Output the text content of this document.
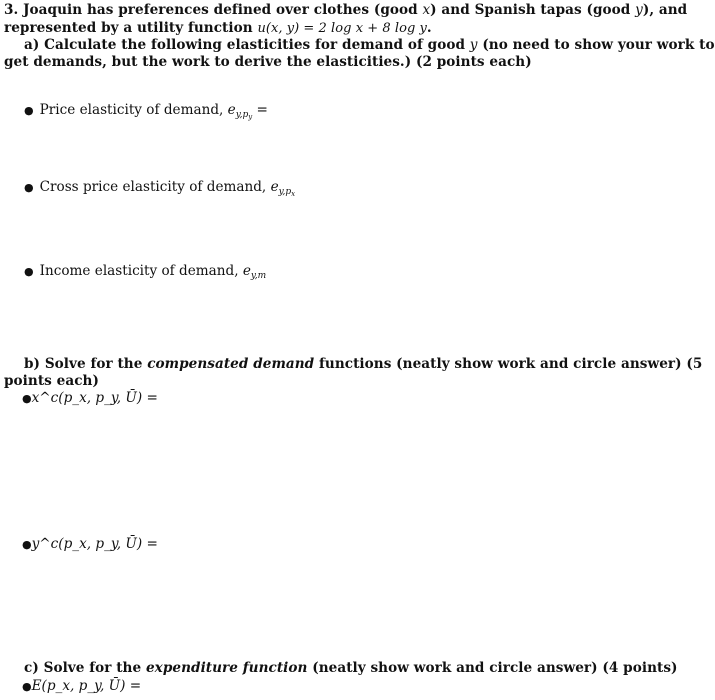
3. Joaquin has preferences defined over clothes (good x) and Spanish tapas (good y), and
represented by a utility function u(x, y) = 2 log x + 8 log y.
a) Calculate the following elasticities for demand of good y (no need to show your work to
get demands, but the work to derive the elasticities.) (2 points each)
● Price elasticity of demand, $e_{y,py}$ =
● Cross price elasticity of demand, $e_{y,px}$
● Income elasticity of demand, $e_{y,m}$
b) Solve for the compensated demand functions (neatly show work and circle answer) (5
points each)
●x^c(p_x, p_y, Ū) =
●y^c(p_x, p_y, Ū) =
c) Solve for the expenditure function (neatly show work and circle answer) (4 points)
●E(p_x, p_y, Ū) =
